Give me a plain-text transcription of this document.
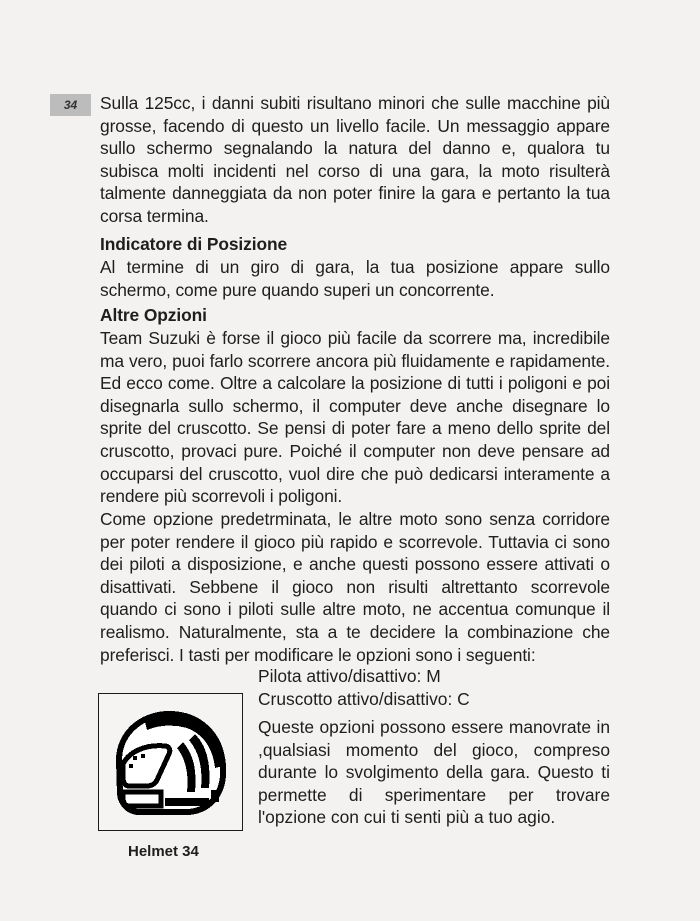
34	Sulla 125cc, i danni subiti risultano minori che sulle macchine più grosse, facendo di questo un livello facile. Un messaggio appare sullo schermo segnalando la natura del danno e, qualora tu subisca molti incidenti nel corso di una gara, la moto risulterà talmente danneggiata da non poter finire la gara e pertanto la tua corsa termina.

Indicatore di Posizione

Al termine di un giro di gara, la tua posizione appare sullo schermo, come pure quando superi un concorrente.

Altre Opzioni

Team Suzuki è forse il gioco più facile da scorrere ma, incredibile ma vero, puoi farlo scorrere ancora più fluidamente e rapidamente. Ed ecco come. Oltre a calcolare la posizione di tutti i poligoni e poi disegnarla sullo schermo, il computer deve anche disegnare lo sprite del cruscotto. Se pensi di poter fare a meno dello sprite del cruscotto, provaci pure. Poiché il computer non deve pensare ad occuparsi del cruscotto, vuol dire che può dedicarsi interamente a rendere più scorrevoli i poligoni.

Come opzione predetrminata, le altre moto sono senza corridore per poter rendere il gioco più rapido e scorrevole. Tuttavia ci sono dei piloti a disposizione, e anche questi possono essere attivati o disattivati. Sebbene il gioco non risulti altrettanto scorrevole quando ci sono i piloti sulle altre moto, ne accentua comunque il realismo. Naturalmente, sta a te decidere la combinazione che preferisci. I tasti per modificare le opzioni sono i seguenti:

Pilota attivo/disattivo: M
Cruscotto attivo/disattivo: C

Queste opzioni possono essere manovrate in ,qualsiasi momento del gioco, compreso durante lo svolgimento della gara. Questo ti permette di sperimentare per trovare l'opzione con cui ti senti più a tuo agio.

Helmet 34
